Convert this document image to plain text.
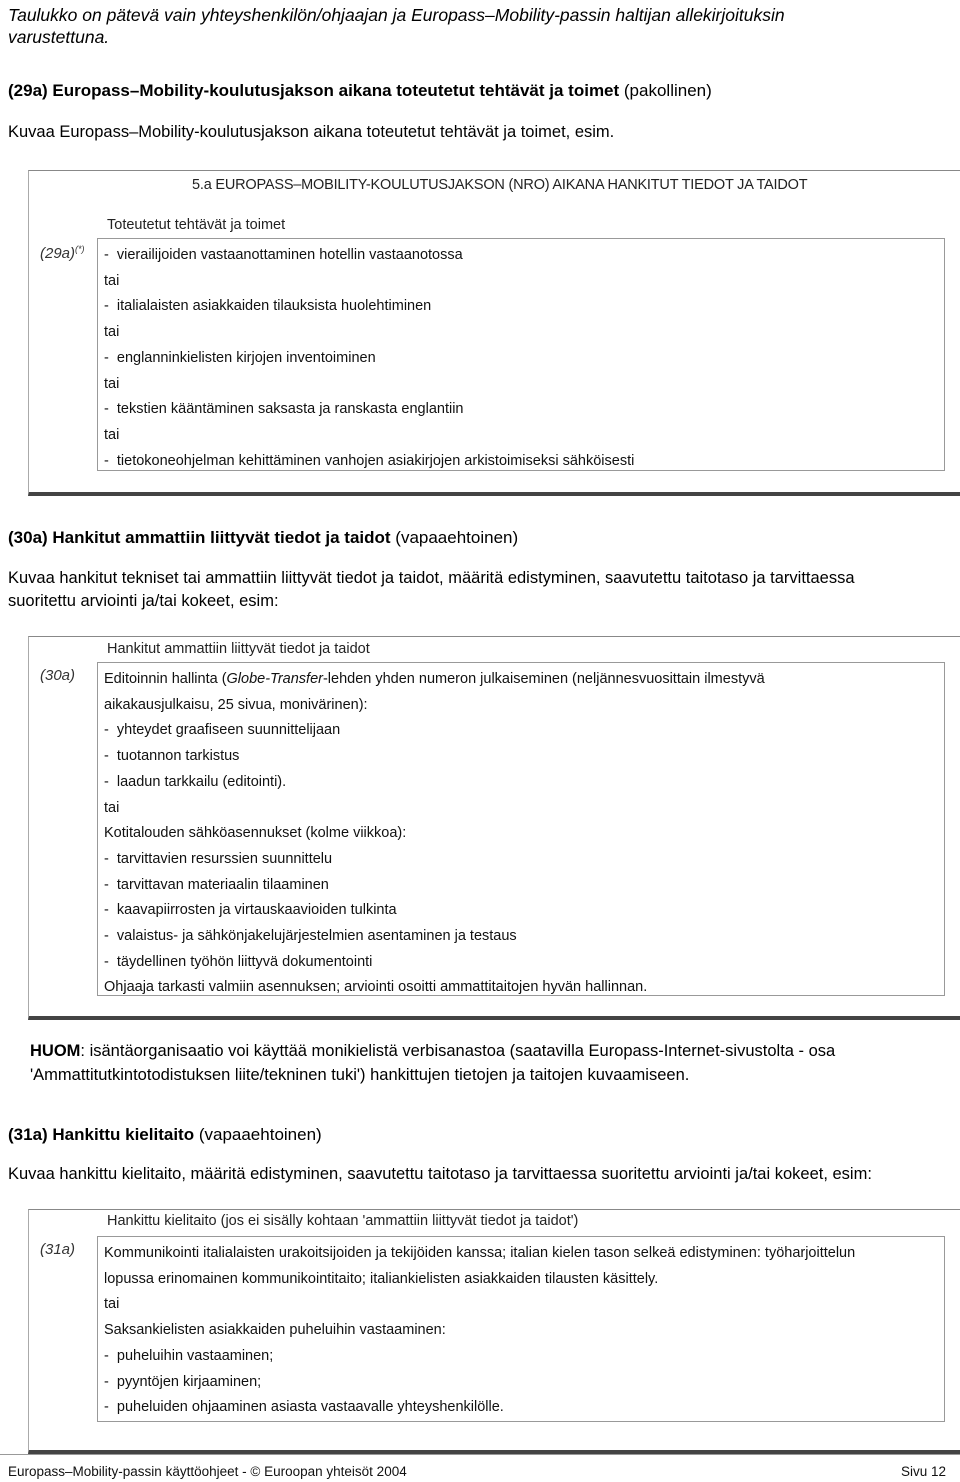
Taulukko on pätevä vain yhteyshenkilön/ohjaajan ja Europass–Mobility-passin haltijan allekirjoituksin
varustettuna.
(29a) Europass–Mobility-koulutusjakson aikana toteutetut tehtävät ja toimet (pakollinen)
Kuvaa Europass–Mobility-koulutusjakson aikana toteutetut tehtävät ja toimet, esim.
5.a EUROPASS–MOBILITY-KOULUTUSJAKSON (NRO) AIKANA HANKITUT TIEDOT JA TAIDOT
(29a)(*)
Toteutetut tehtävät ja toimet
-  vierailijoiden vastaanottaminen hotellin vastaanotossa
tai
-  italialaisten asiakkaiden tilauksista huolehtiminen
tai
-  englanninkielisten kirjojen inventoiminen
tai
-  tekstien kääntäminen saksasta ja ranskasta englantiin
tai
-  tietokoneohjelman kehittäminen vanhojen asiakirjojen arkistoimiseksi sähköisesti
(30a) Hankitut ammattiin liittyvät tiedot ja taidot (vapaaehtoinen)
Kuvaa hankitut tekniset tai ammattiin liittyvät tiedot ja taidot, määritä edistyminen, saavutettu taitotaso ja tarvittaessa
suoritettu arviointi ja/tai kokeet, esim:
(30a)
Hankitut ammattiin liittyvät tiedot ja taidot
Editoinnin hallinta (Globe-Transfer-lehden yhden numeron julkaiseminen (neljännesvuosittain ilmestyvä
aikakausjulkaisu, 25 sivua, monivärinen):
-  yhteydet graafiseen suunnittelijaan
-  tuotannon tarkistus
-  laadun tarkkailu (editointi).
tai
Kotitalouden sähköasennukset (kolme viikkoa):
-  tarvittavien resurssien suunnittelu
-  tarvittavan materiaalin tilaaminen
-  kaavapiirrosten ja virtauskaavioiden tulkinta
-  valaistus- ja sähkönjakelujärjestelmien asentaminen ja testaus
-  täydellinen työhön liittyvä dokumentointi
Ohjaaja tarkasti valmiin asennuksen; arviointi osoitti ammattitaitojen hyvän hallinnan.
HUOM: isäntäorganisaatio voi käyttää monikielistä verbisanastoa (saatavilla Europass-Internet-sivustolta - osa
'Ammattitutkintotodistuksen liite/tekninen tuki') hankittujen tietojen ja taitojen kuvaamiseen.
(31a) Hankittu kielitaito (vapaaehtoinen)
Kuvaa hankittu kielitaito, määritä edistyminen, saavutettu taitotaso ja tarvittaessa suoritettu arviointi ja/tai kokeet, esim:
(31a)
Hankittu kielitaito (jos ei sisälly kohtaan 'ammattiin liittyvät tiedot ja taidot')
Kommunikointi italialaisten urakoitsijoiden ja tekijöiden kanssa; italian kielen tason selkeä edistyminen: työharjoittelun
lopussa erinomainen kommunikointitaito; italiankielisten asiakkaiden tilausten käsittely.
tai
Saksankielisten asiakkaiden puheluihin vastaaminen:
-  puheluihin vastaaminen;
-  pyyntöjen kirjaaminen;
-  puheluiden ohjaaminen asiasta vastaavalle yhteyshenkilölle.
Europass–Mobility-passin käyttöohjeet - © Euroopan yhteisöt 2004	Sivu 12
